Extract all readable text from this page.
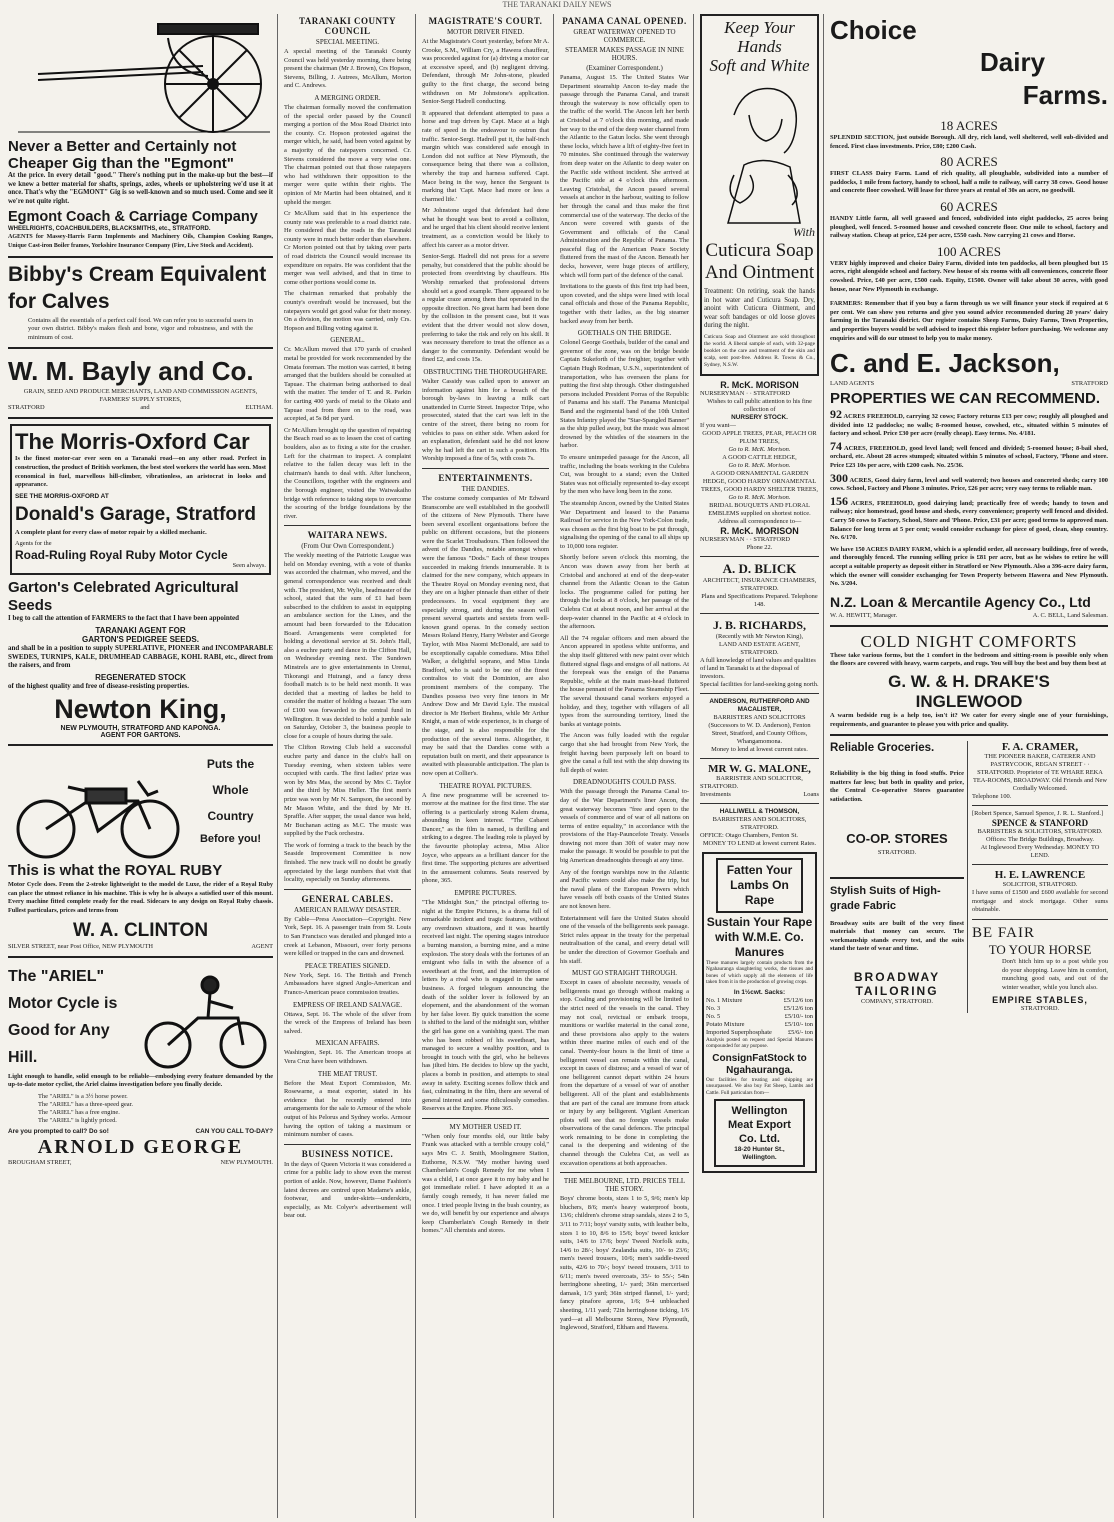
THE TARANAKI DAILY NEWS
Never a Better and Certainly not Cheaper Gig than the "Egmont"
At the price. In every detail "good." There's nothing put in the make-up but the best—if we knew a better material for shafts, springs, axles, wheels or upholstering we'd use it at once. That's why the "EGMONT" Gig is so well-known and so much used. Come and see it we're not quite right.
Egmont Coach & Carriage Company
WHEELRIGHTS, COACHBUILDERS, BLACKSMITHS, etc., STRATFORD.
AGENTS for Massey-Harris Farm Implements and Machinery Oils, Champion Cooking Ranges, Unique Cast-iron Boiler frames, Yorkshire Insurance Company (Fire, Live Stock and Accident).
Bibby's Cream Equivalent
for Calves
Contains all the essentials of a perfect calf food. We can refer you to successful users in your own district. Bibby's makes flesh and bone, vigor and robustness, and with the minimum of cost.
W. M. Bayly and Co.
GRAIN, SEED AND PRODUCE MERCHANTS, LAND AND COMMISSION AGENTS, FARMERS' SUPPLY STORES,
STRATFORD	and	ELTHAM.
The Morris-Oxford Car
Is the finest motor-car ever seen on a Taranaki road—on any other road. Perfect in construction, the product of British workmen, the best steel workers the world has seen. Most economical in fuel, marvellous hill-climber, vibrationless, an aristocrat in looks and appearance.
SEE THE MORRIS-OXFORD AT
Donald's Garage, Stratford
A complete plant for every class of motor repair by a skilled mechanic.
Agents for the
Road-Ruling Royal Ruby Motor Cycle
Seen always.
Garton's Celebrated Agricultural
Seeds
I beg to call the attention of FARMERS to the fact that I have been appointed
TARANAKI AGENT FOR
GARTON'S PEDIGREE SEEDS.
and shall be in a position to supply SUPERLATIVE, PIONEER and INCOMPARABLE SWEDES, TURNIPS, KALE, DRUMHEAD CABBAGE, KOHL RABI, etc., direct from the raisers, and from
REGENERATED STOCK
of the highest quality and free of disease-resisting properties.
Newton King,
NEW PLYMOUTH, STRATFORD AND KAPONGA.
AGENT FOR GARTONS.
Puts the
Whole
Country
Before you!
This is what the ROYAL RUBY
Motor Cycle does. From the 2-stroke lightweight to the model de Luxe, the rider of a Royal Ruby can place the utmost reliance in his machine. This is why he is always a satisfied user of this mount. Every machine fitted complete ready for the road. Sidecars to any design on Royal Ruby chassis. Fullest particulars, prices and terms from
W. A. CLINTON
SILVER STREET, near Post Office, NEW PLYMOUTH	AGENT
The "ARIEL"
Motor Cycle is
Good for Any
Hill.
Light enough to handle, solid enough to be reliable—embodying every feature demanded by the up-to-date motor cyclist, the Ariel claims investigation before you finally decide.
The "ARIEL" is a 3½ horse power.
The "ARIEL" has a three-speed gear.
The "ARIEL" has a free engine.
The "ARIEL" is lightly priced.
Are you prompted to call? Do so!	CAN YOU CALL TO-DAY?
ARNOLD GEORGE
BROUGHAM STREET,	NEW PLYMOUTH.
TARANAKI COUNTY COUNCIL
SPECIAL MEETING.

A special meeting of the Taranaki County Council was held yesterday morning, there being present the chairman (Mr J. Brown), Crs Hopson, Stevens, Billing, J. Autrees, McAllum, Morton and C. Andrews.

A MERGING ORDER.

The chairman formally moved the confirmation of the special order passed by the Council merging a portion of the Moa Road District into the county. Cr. Hopson protested against the merger which, he said, had been voted against by a majority of the ratepayers concerned. Cr. Stevens considered the move a very wise one. The chairman pointed out that those ratepayers who had withdrawn their opposition to the merger were quite within their rights. The opinion of Mr Martin had been obtained, and it upheld the merger.

Cr McAllum said that in his experience the county rate was preferable to a road district rate. He considered that the roads in the Taranaki county were in much better order than elsewhere. Cr Morton pointed out that by taking over parts of road districts the Council would increase its expenditure on repairs. He was confident that the merger was well advised, and that in time to come other portions would come in.

The chairman remarked that probably the county's overdraft would be increased, but the ratepayers would get good value for their money. On a division, the motion was carried, only Crs. Hopson and Billing voting against it.

GENERAL.

Cr. McAllum moved that 170 yards of crushed metal be provided for work recommended by the Omata foreman. The motion was carried, it being arranged that the builders should be consulted at Tapuae. The chairman being authorised to deal with the matter. The tender of T. and R. Parkin for carting 400 yards of metal to the Okato and Tapuae road from there on to the road, was accepted, at 5s 8d per yard.

Cr McAllum brought up the question of repairing the Beach road so as to lessen the cost of carting boulders, also as to fixing a site for the crusher. Left for the chairman to inspect. A complaint relative to the fallen decay was left in the chairman's hands to deal with. After luncheon, the Councillors, together with the engineers and the borough engineer, visited the Waiwakaiho bridge with reference to taking steps to overcome the scouring of the bridge foundations by the river.

WAITARA NEWS.
(From Our Own Correspondent.)

The weekly meeting of the Patriotic League was held on Monday evening, with a vote of thanks was accorded the chairman, who moved, and the general correspondence was received and dealt with. The president, Mr. Wylie, headmaster of the school, stated that the sum of £1 had been subscribed to the children to assist in equipping an ambulance section for the Lines, and the amount had been forwarded to the Education Board. Arrangements were completed for holding a devotional service at St. John's Hall, also a euchre party and dance in the Clifton Hall, on Wednesday evening next. The Sundown Minstrels are to give entertainments in Urenui, Tikorangi and Huirangi, and a fancy dress football match is to be held next month. It was decided that a meeting of ladies be held to consider the matter of holding a bazaar. The sum of £100 was forwarded to the central fund in Wellington. It was decided to hold a jumble sale on Saturday, October 3, the business people to close for a couple of hours during the sale.

The Clifton Rowing Club held a successful euchre party and dance in the club's hall on Tuesday evening, when sixteen tables were occupied with cards. The first ladies' prize was won by Mrs Mas, the second by Mrs C. Taylor and the third by Miss Heller. The first men's prize was won by Mr N. Sampson, the second by Mr Mason White, and the third by Mr H. Spraffle. After supper, the usual dance was held, Mr Buchanan acting as M.C. The music was supplied by the Fuck orchestra.

The work of forming a track to the beach by the Seaside Improvement Committee is now finished. The new track will no doubt be greatly appreciated by the large numbers that visit that locality, especially on Sunday afternoons.

GENERAL CABLES.
AMERICAN RAILWAY DISASTER.

By Cable—Press Association—Copyright. New York, Sept. 16. A passenger train from St. Louis to San Francisco was derailed and plunged into a creek at Lebanon, Missouri, over forty persons were killed or trapped in the cars and drowned.

PEACE TREATIES SIGNED.

New York, Sept. 16. The British and French Ambassadors have signed Anglo-American and Franco-American peace commission treaties.

EMPRESS OF IRELAND SALVAGE.

Ottawa, Sept. 16. The whole of the silver from the wreck of the Empress of Ireland has been salved.

MEXICAN AFFAIRS.

Washington, Sept. 16. The American troops at Vera Cruz have been withdrawn.

THE MEAT TRUST.

Before the Meat Export Commission, Mr. Rosewarne, a meat exporter, stated in his evidence that he recently entered into arrangements for the sale to Armour of the whole output of his Pelorus and Sydney works. Armour having the option of taking a maximum or minimum number of cases.

BUSINESS NOTICE.

In the days of Queen Victoria it was considered a crime for a public lady to show even the merest portion of ankle. Now, however, Dame Fashion's latest decrees are centred upon Madame's ankle, footwear, and under-skirts—underskirts, especially, as Mr. Colyer's advertisement will bear out.

MAGISTRATE'S COURT.
MOTOR DRIVER FINED.

At the Magistrate's Court yesterday, before Mr A. Crooke, S.M., William Cry, a Hawera chauffeur, was proceeded against for (a) driving a motor car at excessive speed, and (b) negligent driving. Defendant, through Mr John-stone, pleaded guilty to the first charge, the second being withdrawn on Mr Johnstone's application. Senior-Sergt Hadrell conducting.

It appeared that defendant attempted to pass a horse and trap driven by Capt. Mace at a high rate of speed in the endeavour to outrun that traffic. Senior-Sergt. Hadrell put it, the half-inch margin which was considered safe enough in London did not suffice at New Plymouth, the consequence being that there was a collision, whereby the trap and harness suffered. Capt. Mace being in the way, hence the Sergeant is marking that 'Capt. Mace had more or less a charmed life.'

Mr Johnstone urged that defendant had done what he thought was best to avoid a collision, and he urged that his client should receive lenient treatment, as a conviction would be likely to affect his career as a motor driver.

Senior-Sergt. Hadrell did not press for a severe penalty, but considered that the public should be protected from overdriving by chauffeurs. His Worship remarked that professional drivers should set a good example. There appeared to be a regular craze among them that operated in the opposite direction. No great harm had been done by the collision in the present case, but it was evident that the driver would not slow down, preferring to take the risk and rely on his skill. It was necessary therefore to treat the offence as a danger to the community. Defendant would be fined £2, and costs 15s.

OBSTRUCTING THE THOROUGHFARE.

Walter Cassidy was called upon to answer an information against him for a breach of the borough by-laws in leaving a milk cart unattended in Currie Street. Inspector Tripe, who prosecuted, stated that the cart was left in the centre of the street, there being no room for vehicles to pass on either side. When asked for an explanation, defendant said he did not know why he had left the cart in such a position. His Worship imposed a fine of 5s, with costs 7s.

ENTERTAINMENTS.
THE DANDIES.

The costume comedy companies of Mr Edward Branscombe are well established in the goodwill of the citizens of New Plymouth. There have been several excellent organisations before the public on different occasions, but the pioneers were the Scarlet Troubadours. Then followed the advent of the Dandies, notable amongst whom were the famous "Dods." Each of these troupes succeeded in making friends innumerable. It is claimed for the new company, which appears in the Theatre Royal on Monday evening next, that they are on a higher pinnacle than either of their predecessors. In vocal equipment they are especially strong, and during the season will present several quartets and sextets from well-known grand operas. In the comedy section Messrs Roland Henry, Harry Webster and George Taylor, with Miss Naomi McDonald, are said to be exceptionally capable comedians. Miss Ethel Walker, a delightful soprano, and Miss Linda Bradford, who is said to be one of the finest contraltos to visit the Dominion, are also prominent members of the company. The Dandies possess two very fine tenors in Mr Andrew Dow and Mr David Lyle. The musical director is Mr Herbert Brahms, while Mr Arthur Knight, a man of wide experience, is in charge of the stage, and is also responsible for the production of the several items. Altogether, it may be said that the Dandies come with a reputation built on merit, and their appearance is awaited with pleasurable anticipation. The plan is now open at Collier's.

THEATRE ROYAL PICTURES.

A fine new programme will be screened to-morrow at the matinee for the first time. The star offering is a particularly strong Kalem drama, abounding in keen interest. "The Cabaret Dancer," as the film is named, is thrilling and striking to a degree. The leading role is played by the favourite photoplay actress, Miss Alice Joyce, who appears as a brilliant dancer for the first time. The supporting pictures are advertised in the amusement columns. Seats reserved by phone, 365.

EMPIRE PICTURES.

"The Midnight Sun," the principal offering to-night at the Empire Pictures, is a drama full of remarkable incident and tragic features, without any overdrawn situations, and it was heartily received last night. The opening stages introduce a burning mansion, a burning mine, and a mine explosion. The story deals with the fortunes of an emigrant who falls in with the absence of a sweetheart at the front, and the interruption of letters by a rival who is engaged in the same business. A forged telegram announcing the death of the soldier lover is followed by an elopement, and the abandonment of the woman by her false lover. By quick transition the scene is shifted to the land of the midnight sun, whither the girl has gone on a vanishing quest. The man who has been robbed of his sweetheart, has managed to secure a wealthy position, and is brought in touch with the girl, who he believes has jilted him. He decides to blow up the yacht, places a bomb in position, and attempts to steal away in safety. Exciting scenes follow thick and fast, culminating in the film, there are several of general interest and some ridiculously comedies. Reserves at the Empire. Phone 365.

MY MOTHER USED IT.

"When only four months old, our little baby Frank was attacked with a terrible croupy cold," says Mrs C. J. Smith, Moolingmere Station, Euthorne, N.S.W. "My mother having used Chamberlain's Cough Remedy for me when I was a child, I at once gave it to my baby and he got immediate relief. I have adopted it as a family cough remedy, it has never failed me once. I tried people living in the bush country, as we do, will benefit by our experience and always keep Chamberlain's Cough Remedy in their homes." All chemists and stores.

PANAMA CANAL OPENED.
GREAT WATERWAY OPENED TO COMMERCE.
STEAMER MAKES PASSAGE IN NINE HOURS.
(Examiner Correspondent.)

Panama, August 15. The United States War Department steamship Ancon to-day made the passage through the Panama Canal, and transit through the waterway is now officially open to the traffic of the world. The Ancon left her berth at Cristobal at 7 o'clock this morning, and made her way to the end of the deep water channel from the Atlantic to the Gatun locks. She went through these locks, which have a lift of eighty-five feet in 70 minutes. She continued through the waterway from deep water on the Atlantic to deep water on the Pacific side without incident. She arrived at the Pacific side at 4 o'clock this afternoon. Leaving Cristobal, the Ancon passed several vessels at anchor in the harbour, waiting to follow her through the canal and thus make the first commercial use of the waterway. The decks of the Ancon were covered with guests of the Government and officials of the Canal Administration and the Republic of Panama. The peaceful flag of the American Peace Society fluttered from the mast of the Ancon. Beneath her decks, however, were huge pieces of artillery, which will form part of the defence of the canal.

Invitations to the guests of this first trip had been, upon coveted, and the ships were lined with local canal officials and those of the Panama Republic, together with their ladies, as the big steamer backed away from her berth.

GOETHALS ON THE BRIDGE.

Colonel George Goethals, builder of the canal and governor of the zone, was on the bridge beside Captain Sukeforth of the freighter, together with Captain Hugh Rodman, U.S.N., superintendent of transportation, who has overseen the plans for putting the first ship through. Other distinguished persons included President Porras of the Republic of Panama and his staff. The Panama Municipal Band and the regimental band of the 10th United States Infantry played the "Star-Spangled Banner" as the ship pulled away, but the music was almost drowned by the whistles of the steamers in the harbor.

To ensure unimpeded passage for the Ancon, all traffic, including the boats working in the Culebra Cut, was brought to a stand; even the United States was not officially represented to-day except by the men who have long been in the zone.

The steamship Ancon, owned by the United States War Department and leased to the Panama Railroad for service in the New York-Colon trade, was chosen as the first big boat to be put through, signalising the opening of the canal to all ships up to 10,000 tons register.

Shortly before seven o'clock this morning, the Ancon was drawn away from her berth at Cristobal and anchored at end of the deep-water channel from the Atlantic Ocean to the Gatun locks. The programme called for putting her through the locks at 8 o'clock, her passage of the Culebra Cut at about noon, and her arrival at the deep-water channel in the Pacific at 4 o'clock in the afternoon.

All the 74 regular officers and men aboard the Ancon appeared in spotless white uniforms, and the ship itself glittered with new paint over which fluttered signal flags and ensigns of all nations. At the forepeak was the ensign of the Panama Republic, while at the main mast-head fluttered the house pennant of the Panama Steamship Fleet. The several thousand canal workers enjoyed a holiday, and they, together with villagers of all types from the surrounding territory, lined the banks at vantage points.

The Ancon was fully loaded with the regular cargo that she had brought from New York, the freight having been purposely left on board to give the canal a full test with the ship drawing its full depth of water.

DREADNOUGHTS COULD PASS.

With the passage through the Panama Canal to-day of the War Department's liner Ancon, the great waterway becomes "free and open to the vessels of commerce and of war of all nations on terms of entire equality," in accordance with the provisions of the Hay-Pauncefote Treaty. Vessels drawing not more than 30ft of water may now make the passage. It would be possible to put the big American dreadnoughts through at any time.

Any of the foreign warships now in the Atlantic and Pacific waters could also make the trip, but the naval plans of the European Powers which have vessels off both coasts of the United States are not known here.

Entertainment will fare the United States should one of the vessels of the belligerents seek passage. Strict rules appear in the treaty for the perpetual neutralisation of the canal, and every detail will be under the direction of Governor Goethals and his staff.

MUST GO STRAIGHT THROUGH.

Except in cases of absolute necessity, vessels of belligerents must go through without making a stop. Coaling and provisioning will be limited to the strict need of the vessels in the canal. They may not coal, revictual or embark troops, munitions or warlike material in the canal zone, and these provisions also apply to the waters within three marine miles of each end of the canal. Twenty-four hours is the limit of time a belligerent vessel can remain within the canal, except in cases of distress; and a vessel of war of one belligerent cannot depart within 24 hours from the departure of a vessel of war of another belligerent. All of the plant and establishments that are part of the canal are immune from attack or injury by any belligerent. Vigilant American pilots will see that no foreign vessels make observations of the canal defences. The principal work remaining to be done in completing the canal is the deepening and widening of the channel through the Culebra Cut, as well as excavation operations at both approaches.

THE MELBOURNE, LTD. PRICES TELL THE STORY.

Boys' chrome boots, sizes 1 to 5, 9/6; men's kip bluchers, 8/6; men's heavy waterproof boots, 13/6; children's chrome strap sandals, sizes 2 to 5, 3/11 to 7/11; boys' varsity suits, with leather belts, sizes 1 to 10, 8/6 to 15/6; boys' tweed knicker suits, 14/6 to 17/6; boys' Tweed Norfolk suits, 14/6 to 28/-; boys' Zealandia suits, 10/- to 23/6; men's tweed trousers, 10/6; men's saddle-tweed suits, 42/6 to 70/-; boys' tweed trousers, 3/11 to 6/11; men's tweed overcoats, 35/- to 55/-; 54in herringbone sheeting, 1/- yard; 36in mercerised damask, 1/3 yard; 36in striped flannel, 1/- yard; fancy pinafore aprons, 1/6; 9-4 unbleached sheeting, 1/11 yard; 72in herringbone ticking, 1/6 yard—at all Melbourne Stores, New Plymouth, Inglewood, Stratford, Eltham and Hawera.

Keep Your Hands
Soft and White
With
Cuticura Soap
And Ointment
Treatment: On retiring, soak the hands in hot water and Cuticura Soap. Dry, anoint with Cuticura Ointment, and wear soft bandages or old loose gloves during the night.
Cuticura Soap and Ointment are sold throughout the world. A liberal sample of each, with 32-page booklet on the care and treatment of the skin and scalp, sent post-free. Address R. Towns & Co., Sydney, N.S.W.
R. McK. MORISON
NURSERYMAN · · STRATFORD
Wishes to call public attention to his fine collection of
NURSERY STOCK.
If you want—
GOOD APPLE TREES, PEAR, PEACH OR PLUM TREES,
Go to R. McK. Morison.
A GOOD CATTLE HEDGE,
Go to R. McK. Morison.
A GOOD ORNAMENTAL GARDEN HEDGE, GOOD HARDY ORNAMENTAL TREES, GOOD HARDY SHELTER TREES,
Go to R. McK. Morison.
BRIDAL BOUQUETS AND FLORAL EMBLEMS supplied on shortest notice. Address all correspondence to—
R. McK. MORISON
NURSERYMAN · · STRATFORD
Phone 22.
A. D. BLICK
ARCHITECT, INSURANCE CHAMBERS, STRATFORD.
Plans and Specifications Prepared. Telephone 148.
J. B. RICHARDS,
(Recently with Mr Newton King),
LAND AND ESTATE AGENT, STRATFORD.
A full knowledge of land values and qualities of land in Taranaki is at the disposal of investors.
Special facilities for land-seeking going north.
ANDERSON, RUTHERFORD AND MACALISTER,
BARRISTERS AND SOLICITORS (Successors to W. D. Anderson), Fenton Street, Stratford, and County Offices, Whangamomona.
Money to lend at lowest current rates.
MR W. G. MALONE,
BARRISTER AND SOLICITOR,
STRATFORD.
Investments	Loans
HALLIWELL & THOMSON,
BARRISTERS AND SOLICITORS, STRATFORD.
OFFICE: Otago Chambers, Fenton St.
MONEY TO LEND at lowest current Rates.
Fatten Your
Lambs On
Rape
Sustain Your Rape
with W.M.E. Co.
Manures
These manures largely contain products from the Ngahauranga slaughtering works, the tissues and bones of which supply all the elements of life taken from it in the production of growing crops.
In 1½cwt. Sacks:
No. 1 Mixture	£5/12/6 ton
No. 3	£5/12/6 ton
No. 5	£5/10/- ton
Potato Mixture	£5/10/- ton
Imported Superphosphate	£5/6/- ton
Analysis posted on request and Special Manures compounded for any purpose.
ConsignFatStock to Ngahauranga.
Our facilities for treating and shipping are unsurpassed. We also buy Fat Sheep, Lambs and Cattle. Full particulars from—
Wellington
Meat Export
Co. Ltd.
18-20 Hunter St., Wellington.
Choice
Dairy
Farms.
18 ACRES
SPLENDID SECTION, just outside Borough. All dry, rich land, well sheltered, well sub-divided and fenced. First class investments. Price, £80; £200 Cash.
80 ACRES
FIRST CLASS Dairy Farm. Land of rich quality, all ploughable, subdivided into a number of paddocks, 1 mile from factory, handy to school, half a mile to railway, will carry 38 cows. Good house and concrete floor cowshed. Will lease for three years at rental of 30s an acre, no goodwill.
60 ACRES
HANDY Little farm, all well grassed and fenced, subdivided into eight paddocks, 25 acres being ploughed, well fenced. 5-roomed house and cowshed concrete floor. One mile to school, factory and railway station. Cheap at price, £24 per acre, £550 cash. Now carrying 21 cows and Horse.
100 ACRES
VERY highly improved and choice Dairy Farm, divided into ten paddocks, all been ploughed but 15 acres, right alongside school and factory. New house of six rooms with all conveniences, concrete floor cowshed. Price, £40 per acre, £500 cash. Equity, £1500. Owner will take about 30 acres, with good house, near New Plymouth in exchange.
FARMERS: Remember that if you buy a farm through us we will finance your stock if required at 6 per cent. We can show you returns and give you sound advice recommended during 20 years' dairy farming in the Taranaki district. Our register contains Sheep Farms, Dairy Farms, Town Properties, and properties buyers would be well advised to inspect this register before purchasing. We welcome any enquiries and will do our utmost to help you to make money.
C. and E. Jackson,
LAND AGENTS	STRATFORD
PROPERTIES WE CAN RECOMMEND.
92 ACRES FREEHOLD, carrying 32 cows; Factory returns £13 per cow; roughly all ploughed and divided into 12 paddocks; no walls; 8-roomed house, cowshed, etc., situated within 5 minutes of factory and school. Price £30 per acre (really cheap). Easy terms. No. 4/181.
74 ACRES, FREEHOLD, good level land; well fenced and divided; 5-roomed house; 8-bail shed, orchard, etc. About 28 acres stumped; situated within 5 minutes of school, Factory, 'Phone and store. Price £23 10s per acre, with £200 cash. No. 25/36.
300 ACRES, Good dairy farm, level and well watered; two houses and concreted sheds; carry 100 cows. School, Factory and Phone 3 minutes. Price, £26 per acre; very easy terms to reliable man.
156 ACRES, FREEHOLD, good dairying land; practically free of weeds; handy to town and railway; nice homestead, good house and sheds, every convenience; property well fenced and divided. Carry 50 cows to Factory, School, Store and 'Phone. Price, £31 per acre; good terms to approved man. Balance for long term at 5 per cent; would consider exchange for piece of good, clean, shop country. No. 6/170.
We have 150 ACRES DAIRY FARM, which is a splendid order, all necessary buildings, free of weeds, and thoroughly fenced. The running selling price is £81 per acre, but as he wishes to retire he will accept a suitable property as deposit either in Stratford or New Plymouth. Also a 396-acre dairy farm, which the owner will consider exchanging for Town Property between Hawera and New Plymouth. No. 3/204.
N.Z. Loan & Mercantile Agency Co., Ltd
W. A. HEWITT, Manager.	A. C. BELL, Land Salesman.
COLD NIGHT COMFORTS
These take various forms, but the 1 comfort in the bedroom and sitting-room is possible only when the floors are covered with heavy, warm carpets, and rugs. You will buy the best and buy them best at
G. W. & H. DRAKE'S
INGLEWOOD
A warm bedside rug is a help too, isn't it? We cater for every single one of your furnishings, requirements, and guarantee to please you with price and quality.
Reliable Groceries.
Reliability is the big thing in food stuffs. Price matters far less; but both in quality and price, the Central Co-operative Stores guarantee satisfaction.
CO-OP. STORES
STRATFORD.
Stylish Suits of High-grade Fabric
Broadway suits are built of the very finest materials that money can secure. The workmanship stands every test, and the suits stand the taste of wear and time.
BROADWAY TAILORING
COMPANY, STRATFORD.
F. A. CRAMER,
THE PIONEER BAKER, CATERER AND PASTRYCOOK, REGAN STREET · · STRATFORD. Proprietor of TE WHARE REKA TEA-ROOMS, BROADWAY. Old Friends and New Cordially Welcomed.
Telephone 100.
[Robert Spence, Samuel Spence, J. R. L. Stanford.]
SPENCE & STANFORD
BARRISTERS & SOLICITORS, STRATFORD.
Offices: The Bridge Buildings, Broadway.
At Inglewood Every Wednesday. MONEY TO LEND.
H. E. LAWRENCE
SOLICITOR, STRATFORD.
I have sums of £1500 and £600 available for second mortgage and stock mortgage. Other sums obtainable.
BE FAIR
TO YOUR HORSE
Don't hitch him up to a post while you do your shopping. Leave him in comfort, munching good oats, and out of the winter weather, while you lunch also.
EMPIRE STABLES,
STRATFORD.
